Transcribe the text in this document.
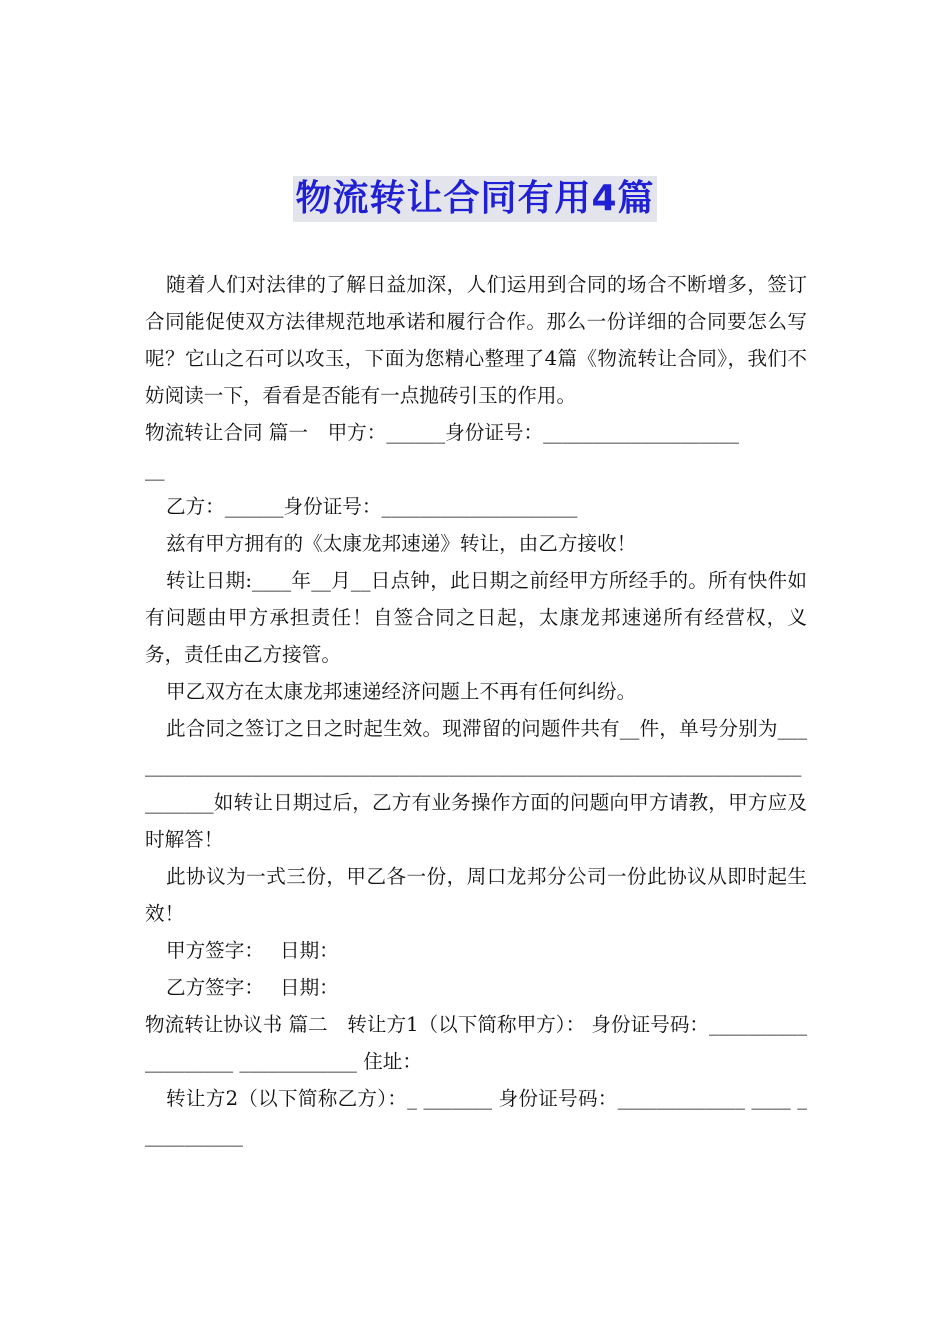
物流转让合同有用4篇

随着人们对法律的了解日益加深，人们运用到合同的场合不断增多，签订合同能促使双方法律规范地承诺和履行合作。那么一份详细的合同要怎么写呢？它山之石可以攻玉，下面为您精心整理了4篇《物流转让合同》，我们不妨阅读一下，看看是否能有一点抛砖引玉的作用。

物流转让合同 篇一　甲方：______身份证号：____________________

__

乙方：______身份证号：____________________

兹有甲方拥有的《太康龙邦速递》转让，由乙方接收！

转让日期:____年__月__日点钟，此日期之前经甲方所经手的。所有快件如有问题由甲方承担责任！自签合同之日起，太康龙邦速递所有经营权，义务，责任由乙方接管。

甲乙双方在太康龙邦速递经济问题上不再有任何纠纷。

此合同之签订之日之时起生效。现滞留的问题件共有__件，单号分别为_____________________________________________________________________________如转让日期过后，乙方有业务操作方面的问题向甲方请教，甲方应及时解答！

此协议为一式三份，甲乙各一份，周口龙邦分公司一份此协议从即时起生效！

甲方签字：　 日期：

乙方签字：　 日期：

物流转让协议书 篇二　转让方1（以下简称甲方）： 身份证号码：___________________ ____________ 住址：

转让方2（以下简称乙方）：_ _______ 身份证号码：_____________ ____ ___________
